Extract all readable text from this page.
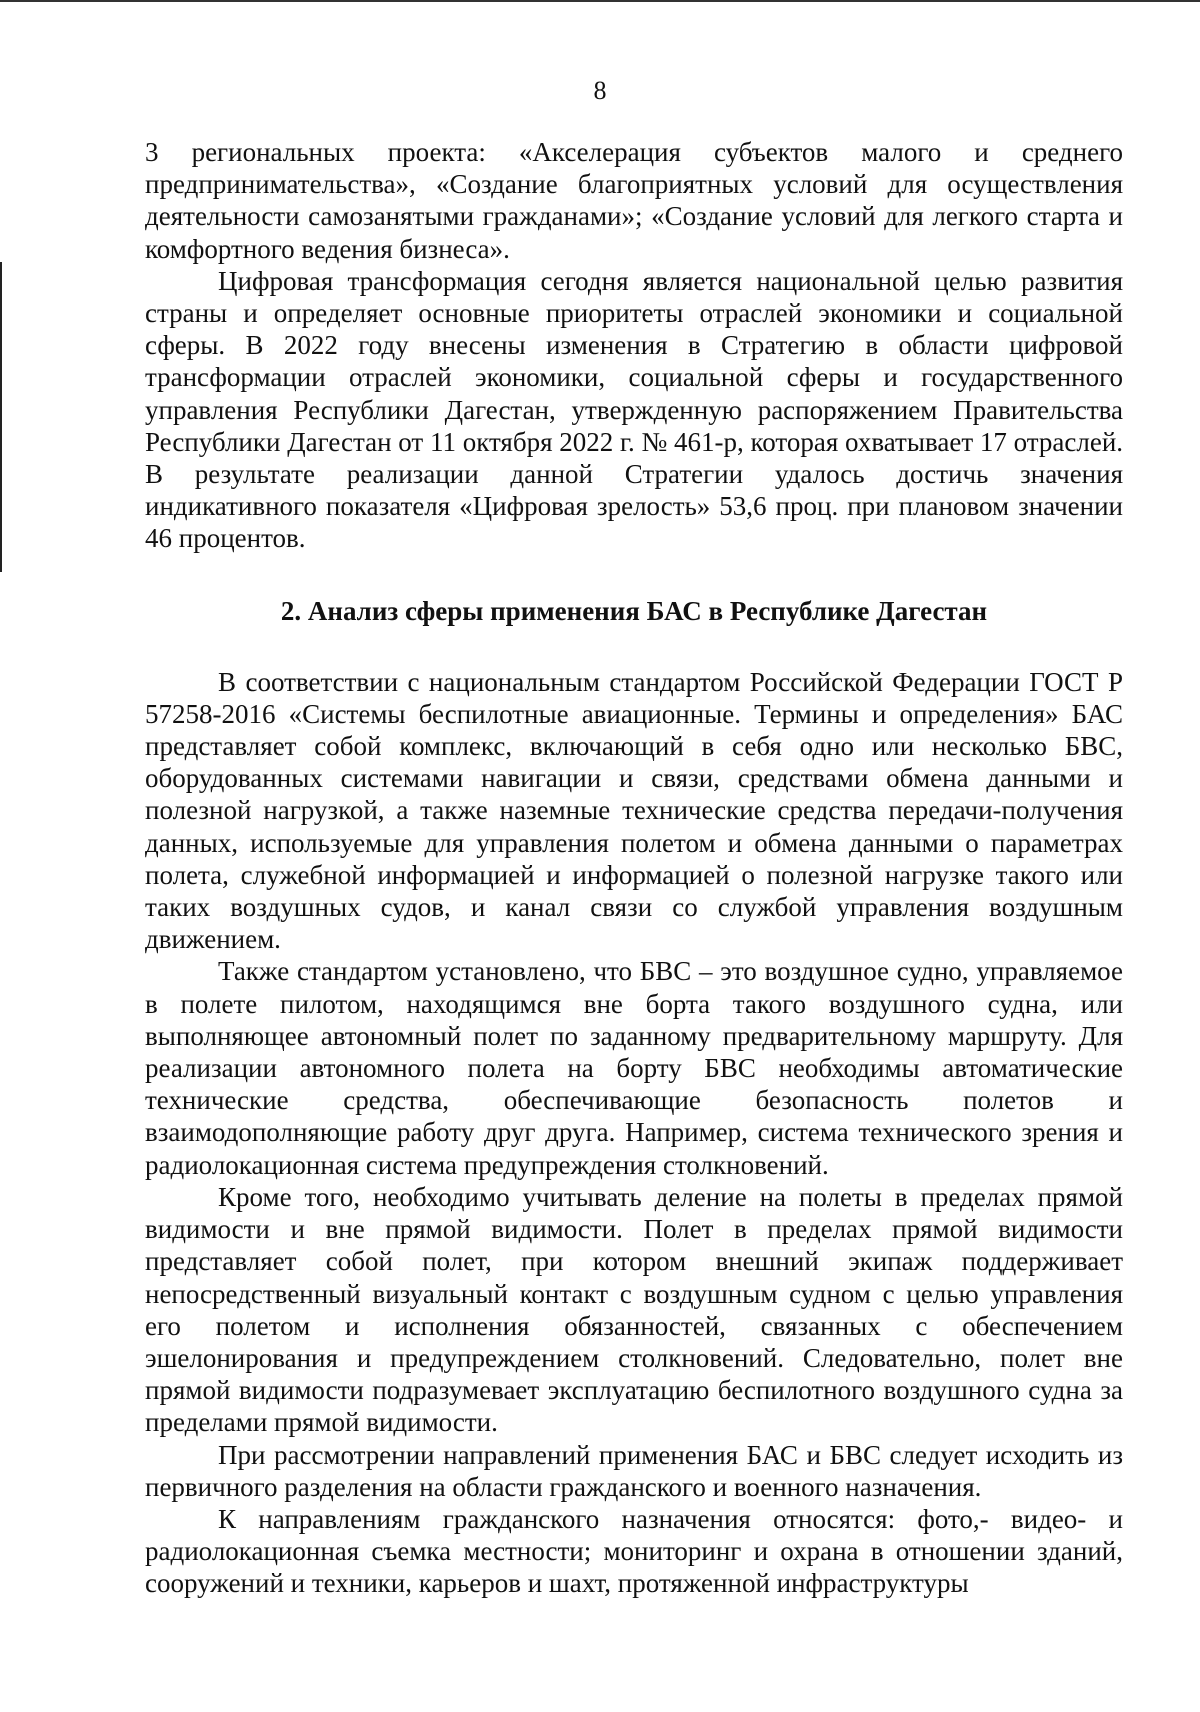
8

3 региональных проекта: «Акселерация субъектов малого и среднего предпринимательства», «Создание благоприятных условий для осуществления деятельности самозанятыми гражданами»; «Создание условий для легкого старта и комфортного ведения бизнеса».

Цифровая трансформация сегодня является национальной целью развития страны и определяет основные приоритеты отраслей экономики и социальной сферы. В 2022 году внесены изменения в Стратегию в области цифровой трансформации отраслей экономики, социальной сферы и государственного управления Республики Дагестан, утвержденную распоряжением Правительства Республики Дагестан от 11 октября 2022 г. № 461-р, которая охватывает 17 отраслей. В результате реализации данной Стратегии удалось достичь значения индикативного показателя «Цифровая зрелость» 53,6 проц. при плановом значении 46 процентов.

2. Анализ сферы применения БАС в Республике Дагестан

В соответствии с национальным стандартом Российской Федерации ГОСТ Р 57258-2016 «Системы беспилотные авиационные. Термины и определения» БАС представляет собой комплекс, включающий в себя одно или несколько БВС, оборудованных системами навигации и связи, средствами обмена данными и полезной нагрузкой, а также наземные технические средства передачи-получения данных, используемые для управления полетом и обмена данными о параметрах полета, служебной информацией и информацией о полезной нагрузке такого или таких воздушных судов, и канал связи со службой управления воздушным движением.

Также стандартом установлено, что БВС – это воздушное судно, управляемое в полете пилотом, находящимся вне борта такого воздушного судна, или выполняющее автономный полет по заданному предварительному маршруту. Для реализации автономного полета на борту БВС необходимы автоматические технические средства, обеспечивающие безопасность полетов и взаимодополняющие работу друг друга. Например, система технического зрения и радиолокационная система предупреждения столкновений.

Кроме того, необходимо учитывать деление на полеты в пределах прямой видимости и вне прямой видимости. Полет в пределах прямой видимости представляет собой полет, при котором внешний экипаж поддерживает непосредственный визуальный контакт с воздушным судном с целью управления его полетом и исполнения обязанностей, связанных с обеспечением эшелонирования и предупреждением столкновений. Следовательно, полет вне прямой видимости подразумевает эксплуатацию беспилотного воздушного судна за пределами прямой видимости.

При рассмотрении направлений применения БАС и БВС следует исходить из первичного разделения на области гражданского и военного назначения.

К направлениям гражданского назначения относятся: фото,- видео- и радиолокационная съемка местности; мониторинг и охрана в отношении зданий, сооружений и техники, карьеров и шахт, протяженной инфраструктуры
